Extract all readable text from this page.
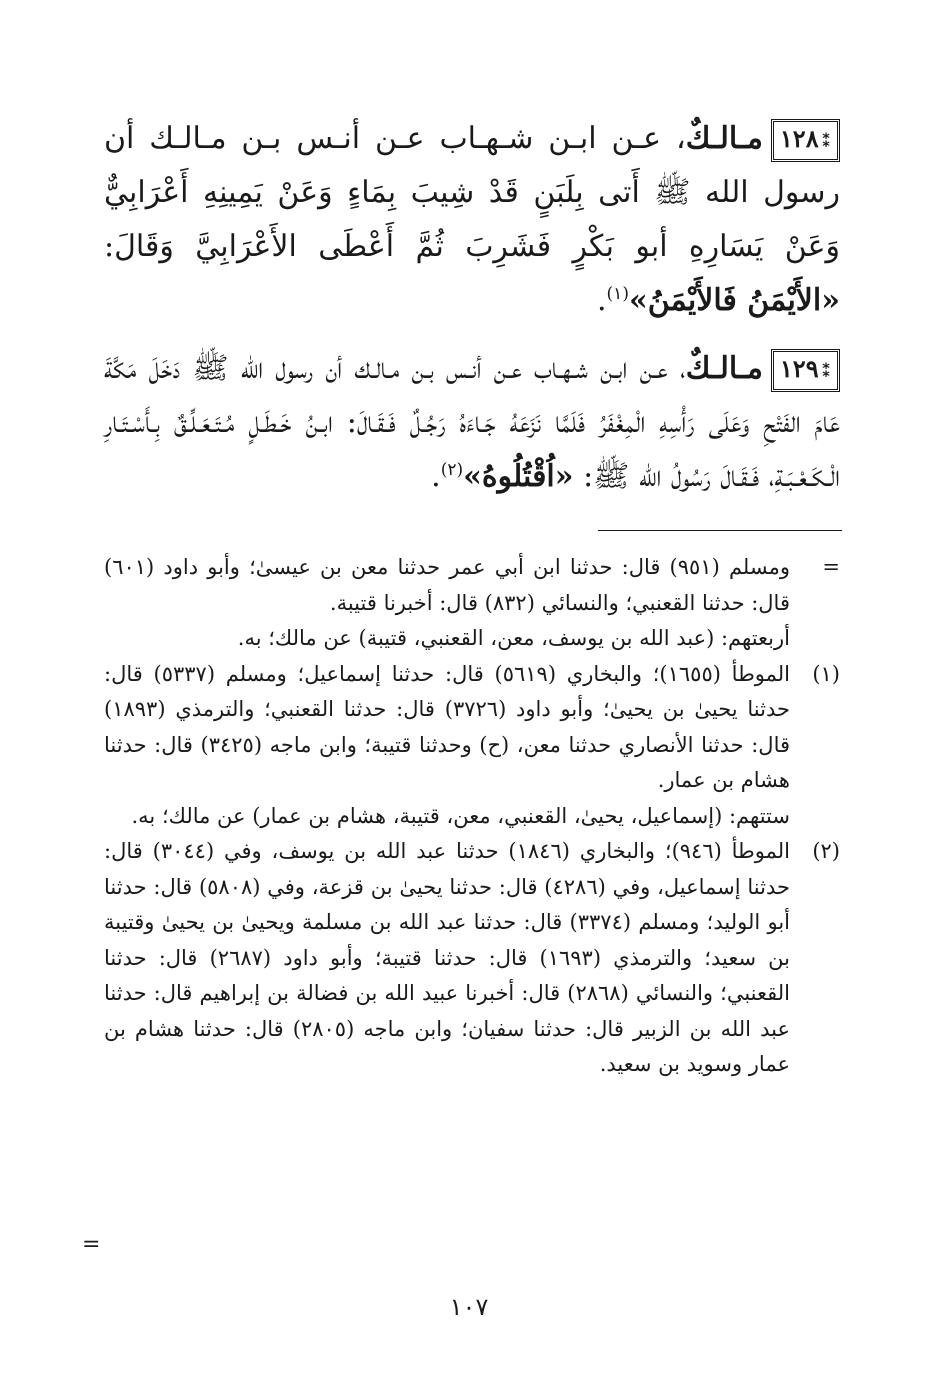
⁑١٢٨مـالـكٌ، عـن ابـن شـهـاب عـن أنـس بـن مـالـك أن رسول الله ﷺ أَتى بِلَبَنٍ قَدْ شِيبَ بِمَاءٍ وَعَنْ يَمِينِهِ أَعْرَابِيٌّ وَعَنْ يَسَارِهِ أبو بَكْرٍ فَشَرِبَ ثُمَّ أَعْطَى الأَعْرَابِيَّ وَقَالَ: «الأَيْمَنُ فَالأَيْمَنُ»$^{(١)}$.

⁑١٢٩مـالـكٌ، عـن ابـن شـهـاب عـن أنـس بـن مـالـك أن رسول الله ﷺ دَخَلَ مَكَّةَ عَامَ الفَتْحِ وَعَلَى رَأْسِهِ الْمِغْفَرُ فَلَمَّا نَزَعَهُ جَـاءَهُ رَجُـلٌ فَـقَـالَ: ابـنُ خَـطَـلٍ مُـتَـعَـلِّـقٌ بِـأَسْـتَـارِ الْـكَـعْـبَـةِ، فَـقَـالَ رَسُولُ الله ﷺ: «اُقْتُلُوهُ»$^{(٢)}$.

=

ومسلم (٩٥١) قال: حدثنا ابن أبي عمر حدثنا معن بن عيسىٰ؛ وأبو داود (٦٠١) قال: حدثنا القعنبي؛ والنسائي (٨٣٢) قال: أخبرنا قتيبة.

أربعتهم: (عبد الله بن يوسف، معن، القعنبي، قتيبة) عن مالك؛ به.

(١)

الموطأ (١٦٥٥)؛ والبخاري (٥٦١٩) قال: حدثنا إسماعيل؛ ومسلم (٥٣٣٧) قال: حدثنا يحيىٰ بن يحيىٰ؛ وأبو داود (٣٧٢٦) قال: حدثنا القعنبي؛ والترمذي (١٨٩٣) قال: حدثنا الأنصاري حدثنا معن، (ح) وحدثنا قتيبة؛ وابن ماجه (٣٤٢٥) قال: حدثنا هشام بن عمار.

ستتهم: (إسماعيل، يحيىٰ، القعنبي، معن، قتيبة، هشام بن عمار) عن مالك؛ به.

(٢)

الموطأ (٩٤٦)؛ والبخاري (١٨٤٦) حدثنا عبد الله بن يوسف، وفي (٣٠٤٤) قال: حدثنا إسماعيل، وفي (٤٢٨٦) قال: حدثنا يحيىٰ بن قزعة، وفي (٥٨٠٨) قال: حدثنا أبو الوليد؛ ومسلم (٣٣٧٤) قال: حدثنا عبد الله بن مسلمة ويحيىٰ بن يحيىٰ وقتيبة بن سعيد؛ والترمذي (١٦٩٣) قال: حدثنا قتيبة؛ وأبو داود (٢٦٨٧) قال: حدثنا القعنبي؛ والنسائي (٢٨٦٨) قال: أخبرنا عبيد الله بن فضالة بن إبراهيم قال: حدثنا عبد الله بن الزبير قال: حدثنا سفيان؛ وابن ماجه (٢٨٠٥) قال: حدثنا هشام بن عمار وسويد بن سعيد.

=
١٠٧
